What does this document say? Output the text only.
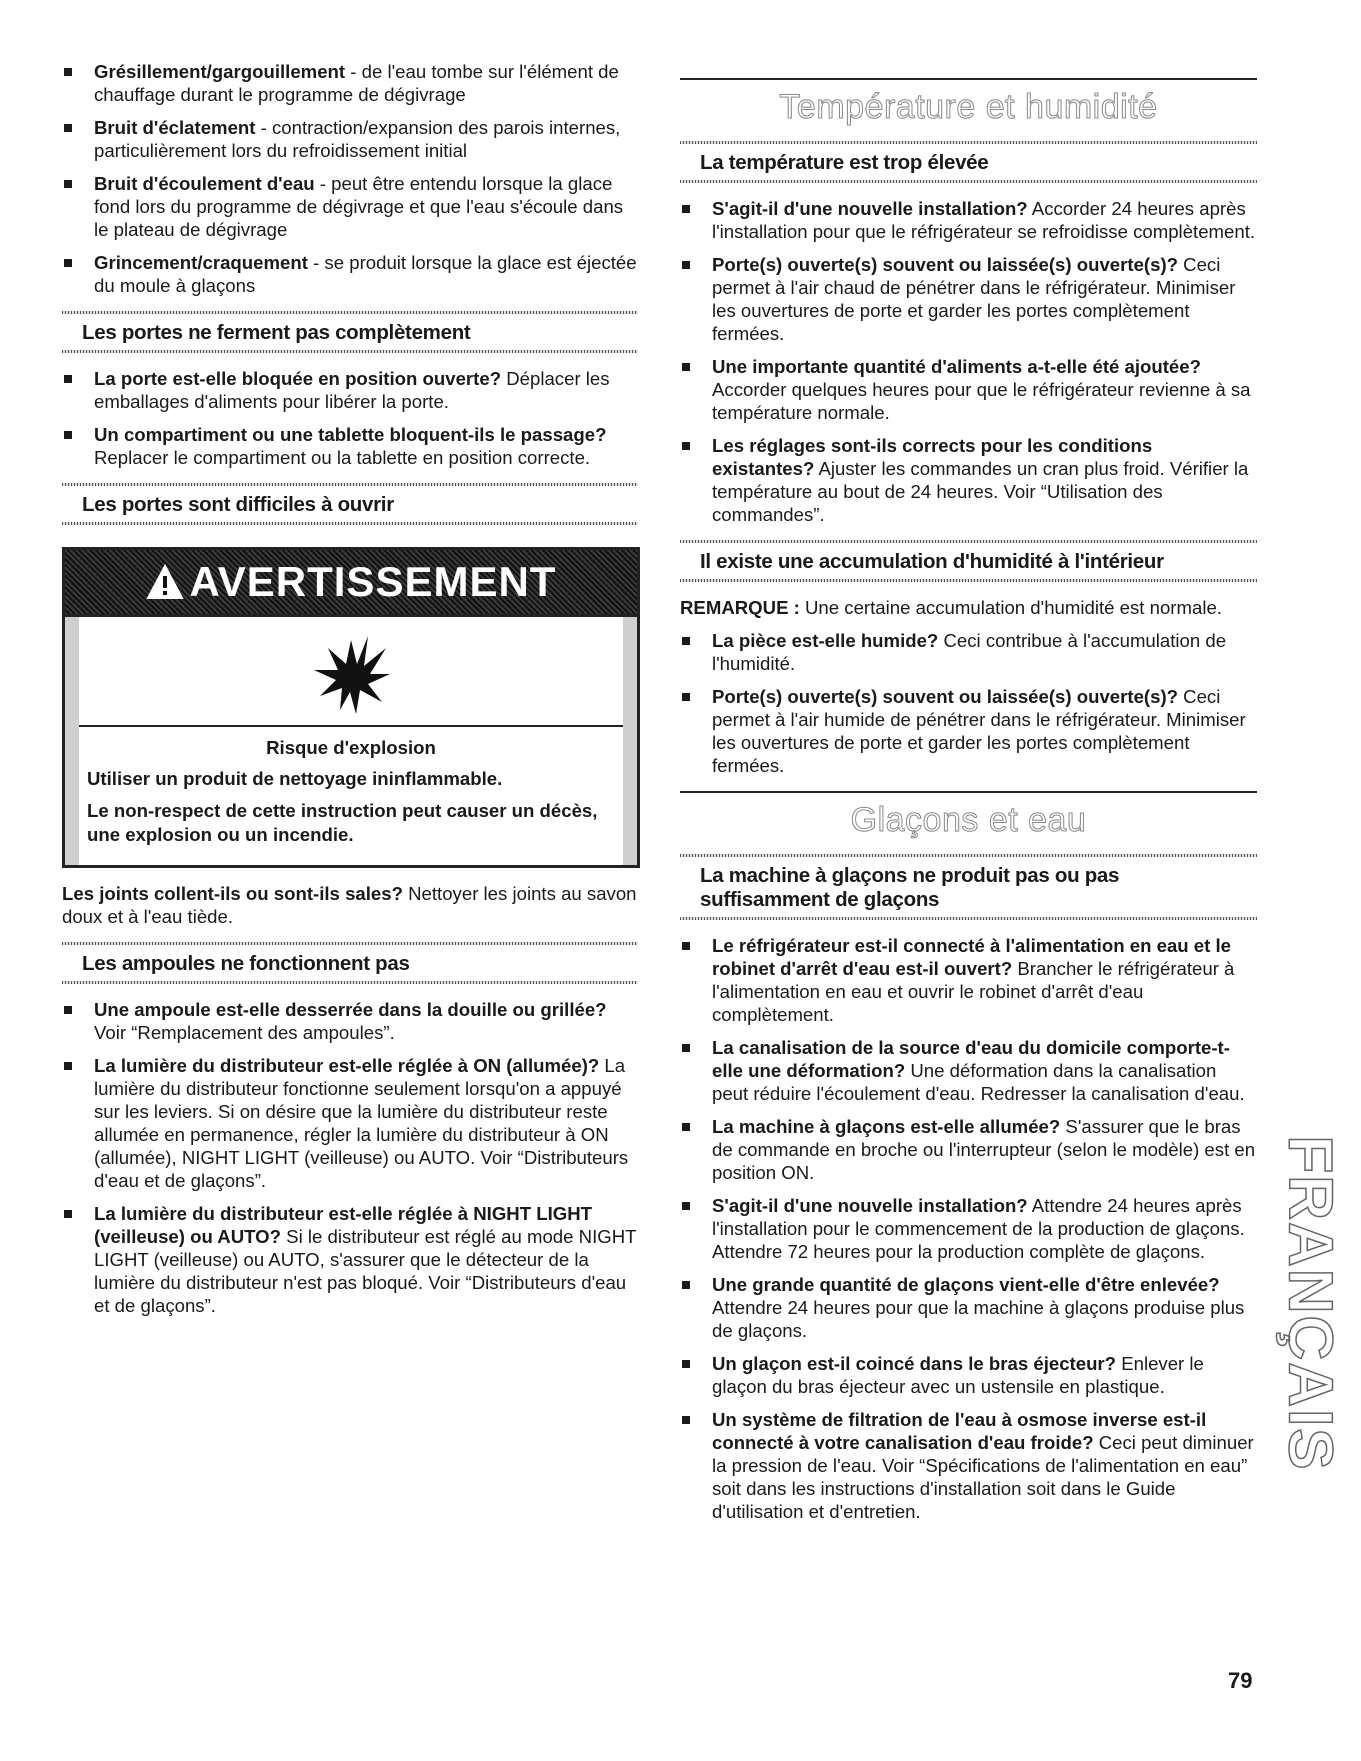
Grésillement/gargouillement - de l'eau tombe sur l'élément de chauffage durant le programme de dégivrage
Bruit d'éclatement - contraction/expansion des parois internes, particulièrement lors du refroidissement initial
Bruit d'écoulement d'eau - peut être entendu lorsque la glace fond lors du programme de dégivrage et que l'eau s'écoule dans le plateau de dégivrage
Grincement/craquement - se produit lorsque la glace est éjectée du moule à glaçons
Les portes ne ferment pas complètement
La porte est-elle bloquée en position ouverte? Déplacer les emballages d'aliments pour libérer la porte.
Un compartiment ou une tablette bloquent-ils le passage? Replacer le compartiment ou la tablette en position correcte.
Les portes sont difficiles à ouvrir
AVERTISSEMENT
Risque d'explosion
Utiliser un produit de nettoyage ininflammable.
Le non-respect de cette instruction peut causer un décès, une explosion ou un incendie.

Les joints collent-ils ou sont-ils sales? Nettoyer les joints au savon doux et à l'eau tiède.

Les ampoules ne fonctionnent pas
Une ampoule est-elle desserrée dans la douille ou grillée? Voir “Remplacement des ampoules”.
La lumière du distributeur est-elle réglée à ON (allumée)? La lumière du distributeur fonctionne seulement lorsqu'on a appuyé sur les leviers. Si on désire que la lumière du distributeur reste allumée en permanence, régler la lumière du distributeur à ON (allumée), NIGHT LIGHT (veilleuse) ou AUTO. Voir “Distributeurs d'eau et de glaçons”.
La lumière du distributeur est-elle réglée à NIGHT LIGHT (veilleuse) ou AUTO? Si le distributeur est réglé au mode NIGHT LIGHT (veilleuse) ou AUTO, s'assurer que le détecteur de la lumière du distributeur n'est pas bloqué. Voir “Distributeurs d'eau et de glaçons”.
Température et humidité
La température est trop élevée
S'agit-il d'une nouvelle installation? Accorder 24 heures après l'installation pour que le réfrigérateur se refroidisse complètement.
Porte(s) ouverte(s) souvent ou laissée(s) ouverte(s)? Ceci permet à l'air chaud de pénétrer dans le réfrigérateur. Minimiser les ouvertures de porte et garder les portes complètement fermées.
Une importante quantité d'aliments a-t-elle été ajoutée? Accorder quelques heures pour que le réfrigérateur revienne à sa température normale.
Les réglages sont-ils corrects pour les conditions existantes? Ajuster les commandes un cran plus froid. Vérifier la température au bout de 24 heures. Voir “Utilisation des commandes”.
Il existe une accumulation d'humidité à l'intérieur

REMARQUE : Une certaine accumulation d'humidité est normale.

La pièce est-elle humide? Ceci contribue à l'accumulation de l'humidité.
Porte(s) ouverte(s) souvent ou laissée(s) ouverte(s)? Ceci permet à l'air humide de pénétrer dans le réfrigérateur. Minimiser les ouvertures de porte et garder les portes complètement fermées.
Glaçons et eau
La machine à glaçons ne produit pas ou pas suffisamment de glaçons
Le réfrigérateur est-il connecté à l'alimentation en eau et le robinet d'arrêt d'eau est-il ouvert? Brancher le réfrigérateur à l'alimentation en eau et ouvrir le robinet d'arrêt d'eau complètement.
La canalisation de la source d'eau du domicile comporte-t-elle une déformation? Une déformation dans la canalisation peut réduire l'écoulement d'eau. Redresser la canalisation d'eau.
La machine à glaçons est-elle allumée? S'assurer que le bras de commande en broche ou l'interrupteur (selon le modèle) est en position ON.
S'agit-il d'une nouvelle installation? Attendre 24 heures après l'installation pour le commencement de la production de glaçons. Attendre 72 heures pour la production complète de glaçons.
Une grande quantité de glaçons vient-elle d'être enlevée? Attendre 24 heures pour que la machine à glaçons produise plus de glaçons.
Un glaçon est-il coincé dans le bras éjecteur? Enlever le glaçon du bras éjecteur avec un ustensile en plastique.
Un système de filtration de l'eau à osmose inverse est-il connecté à votre canalisation d'eau froide? Ceci peut diminuer la pression de l'eau. Voir “Spécifications de l'alimentation en eau” soit dans les instructions d'installation soit dans le Guide d'utilisation et d'entretien.
FRANÇAIS
79
